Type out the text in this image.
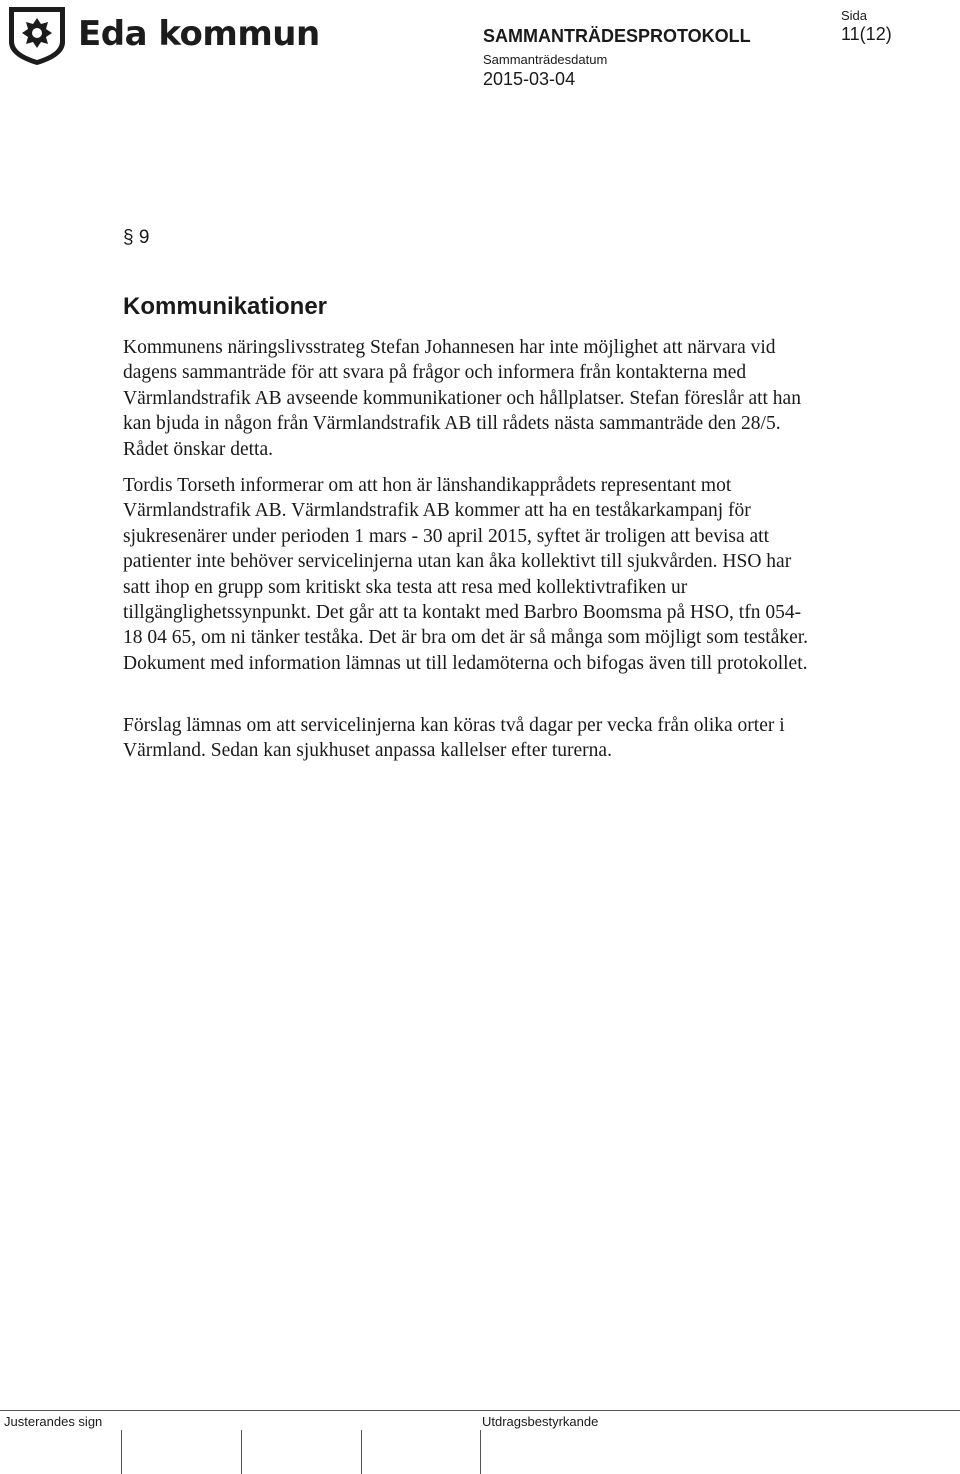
Eda kommun	SAMMANTRÄDESPROTOKOLL
Sammanträdesdatum
2015-03-04
Sida
11(12)
§ 9
Kommunikationer

Kommunens näringslivsstrateg Stefan Johannesen har inte möjlighet att närvara vid dagens sammanträde för att svara på frågor och informera från kontakterna med Värmlandstrafik AB avseende kommunikationer och hållplatser. Stefan föreslår att han kan bjuda in någon från Värmlandstrafik AB till rådets nästa sammanträde den 28/5. Rådet önskar detta.

Tordis Torseth informerar om att hon är länshandikapprådets representant mot Värmlandstrafik AB. Värmlandstrafik AB kommer att ha en teståkarkampanj för sjukresenärer under perioden 1 mars - 30 april 2015, syftet är troligen att bevisa att patienter inte behöver servicelinjerna utan kan åka kollektivt till sjukvården. HSO har satt ihop en grupp som kritiskt ska testa att resa med kollektivtrafiken ur tillgänglighetssynpunkt. Det går att ta kontakt med Barbro Boomsma på HSO, tfn 054-18 04 65, om ni tänker teståka. Det är bra om det är så många som möjligt som teståker. Dokument med information lämnas ut till ledamöterna och bifogas även till protokollet.

Förslag lämnas om att servicelinjerna kan köras två dagar per vecka från olika orter i Värmland. Sedan kan sjukhuset anpassa kallelser efter turerna.

Justerandes sign	Utdragsbestyrkande
